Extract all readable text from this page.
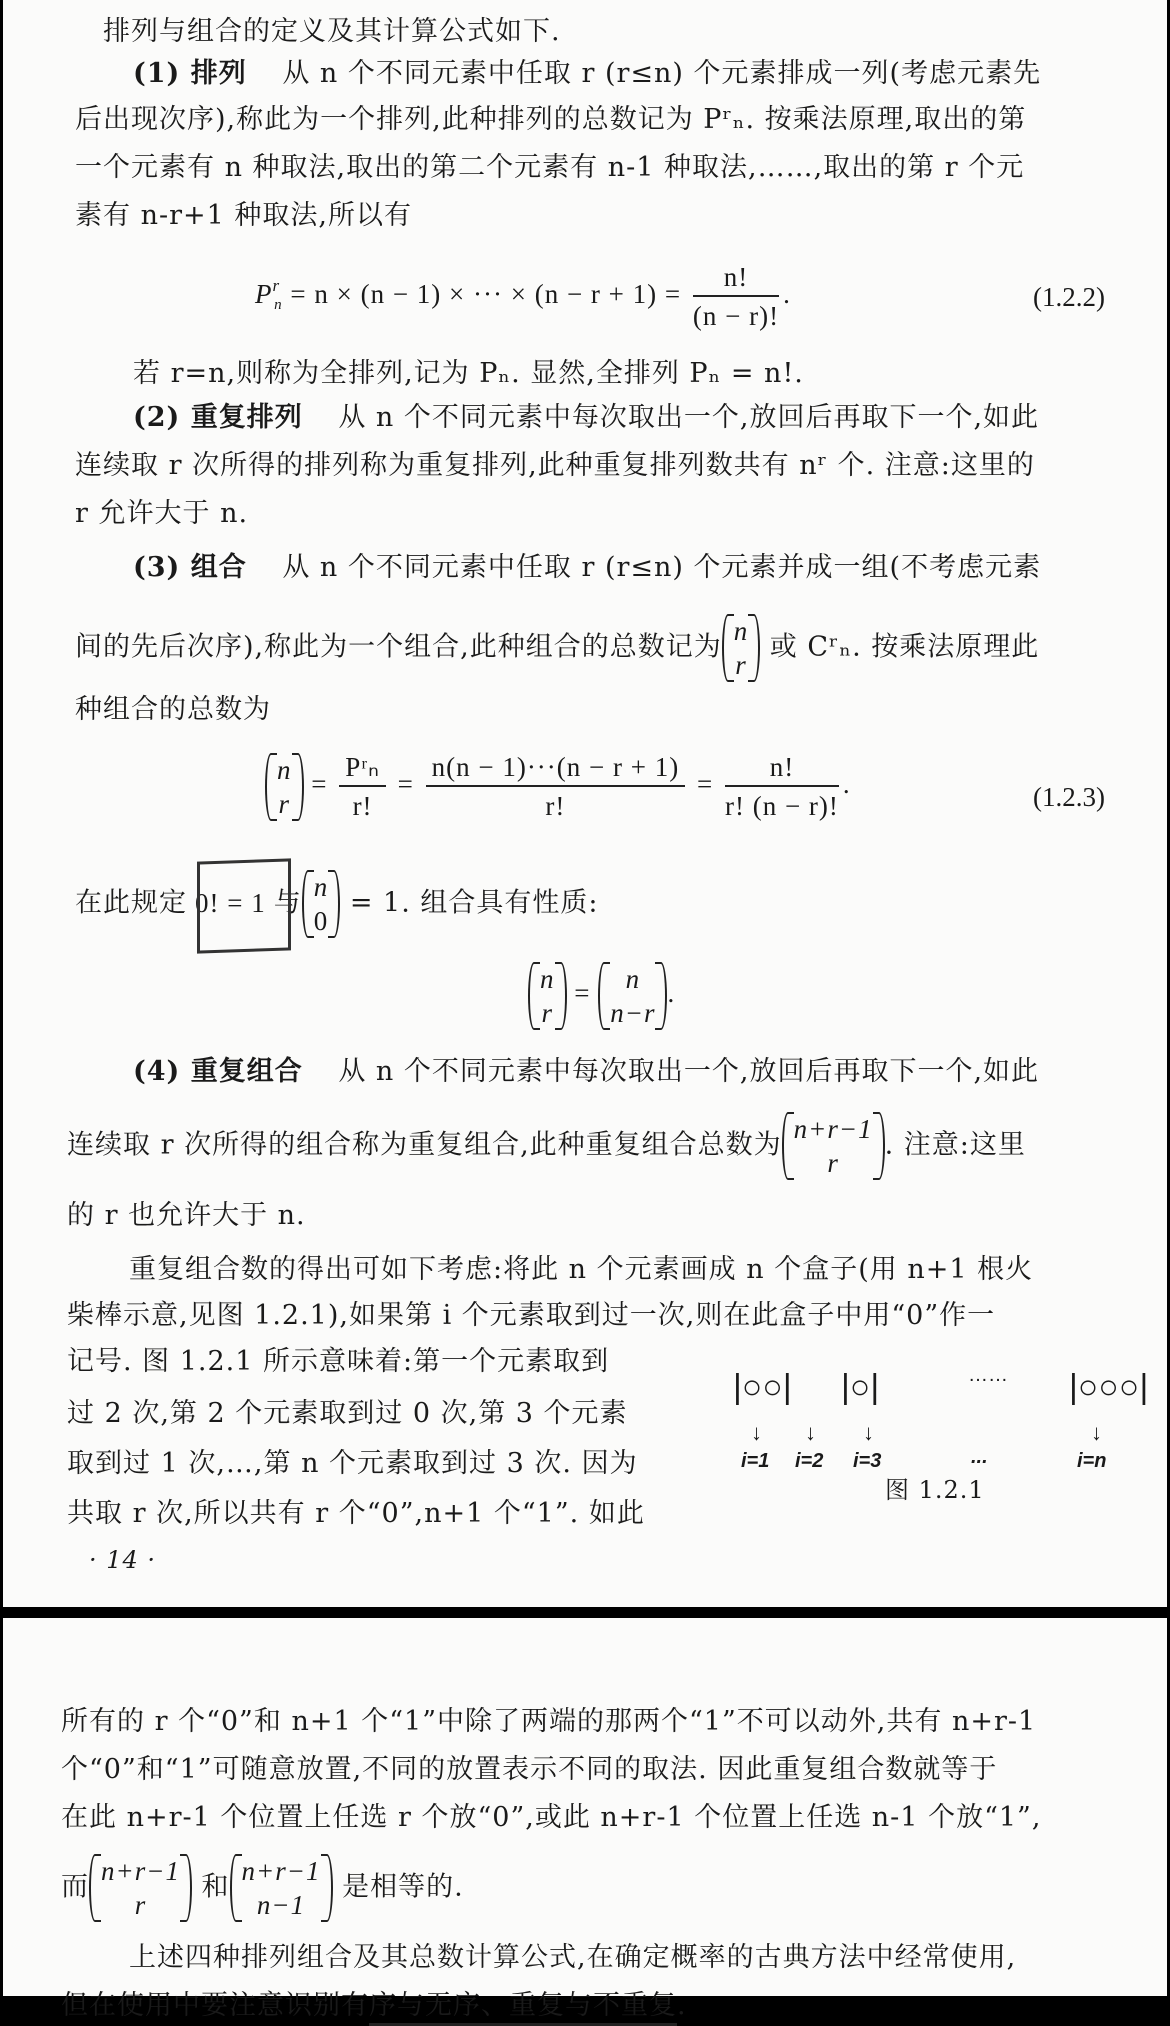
排列与组合的定义及其计算公式如下.
(1) 排列 从 n 个不同元素中任取 r (r≤n) 个元素排成一列(考虑元素先
后出现次序),称此为一个排列,此种排列的总数记为 Pʳₙ. 按乘法原理,取出的第
一个元素有 n 种取法,取出的第二个元素有 n-1 种取法,……,取出的第 r 个元
素有 n-r+1 种取法,所以有
$P^r_n = n \times (n - 1)$ × ··· × $(n - r + 1) = \frac{n!}{(n - r)!}$ .	(1.2.2)
若 r=n,则称为全排列,记为 Pₙ. 显然,全排列 Pₙ = n!.
(2) 重复排列 从 n 个不同元素中每次取出一个,放回后再取下一个,如此
连续取 r 次所得的排列称为重复排列,此种重复排列数共有 nʳ 个. 注意:这里的
r 允许大于 n.
(3) 组合 从 n 个不同元素中任取 r (r≤n) 个元素并成一组(不考虑元素
间的先后次序),称此为一个组合,此种组合的总数记为
n
r
或 Cʳₙ. 按乘法原理此
种组合的总数为
n
r
= $\frac{\text{Pʳₙ}}{r!} = \frac{n(n - 1)\cdot\cdot\cdot(n - r + 1)}{r!} = \frac{n!}{r! (n - r)!}$ .	(1.2.3)
在此规定 0! = 1 与
n
0
= 1. 组合具有性质:
n
r
=	n
n−r
.
(4) 重复组合 从 n 个不同元素中每次取出一个,放回后再取下一个,如此
连续取 r 次所得的组合称为重复组合,此种重复组合总数为
n+r−1
r
. 注意:这里
的 r 也允许大于 n.
重复组合数的得出可如下考虑:将此 n 个元素画成 n 个盒子(用 n+1 根火
柴棒示意,见图 1.2.1),如果第 i 个元素取到过一次,则在此盒子中用“0”作一
记号. 图 1.2.1 所示意味着:第一个元素取到
过 2 次,第 2 个元素取到过 0 次,第 3 个元素
取到过 1 次,…,第 n 个元素取到过 3 次. 因为
共取 r 次,所以共有 r 个“0”,n+1 个“1”. 如此
|○○| |○|	…… |○○○|
↓ ↓ ↓	↓
i=1 i=2 i=3	...	i=n
图 1.2.1
· 14 ·
所有的 r 个“0”和 n+1 个“1”中除了两端的那两个“1”不可以动外,共有 n+r-1
个“0”和“1”可随意放置,不同的放置表示不同的取法. 因此重复组合数就等于
在此 n+r-1 个位置上任选 r 个放“0”,或此 n+r-1 个位置上任选 n-1 个放“1”,
而
n+r−1
r
和
n+r−1
n−1
是相等的.
上述四种排列组合及其总数计算公式,在确定概率的古典方法中经常使用,
但在使用中要注意识别有序与无序、重复与不重复.
